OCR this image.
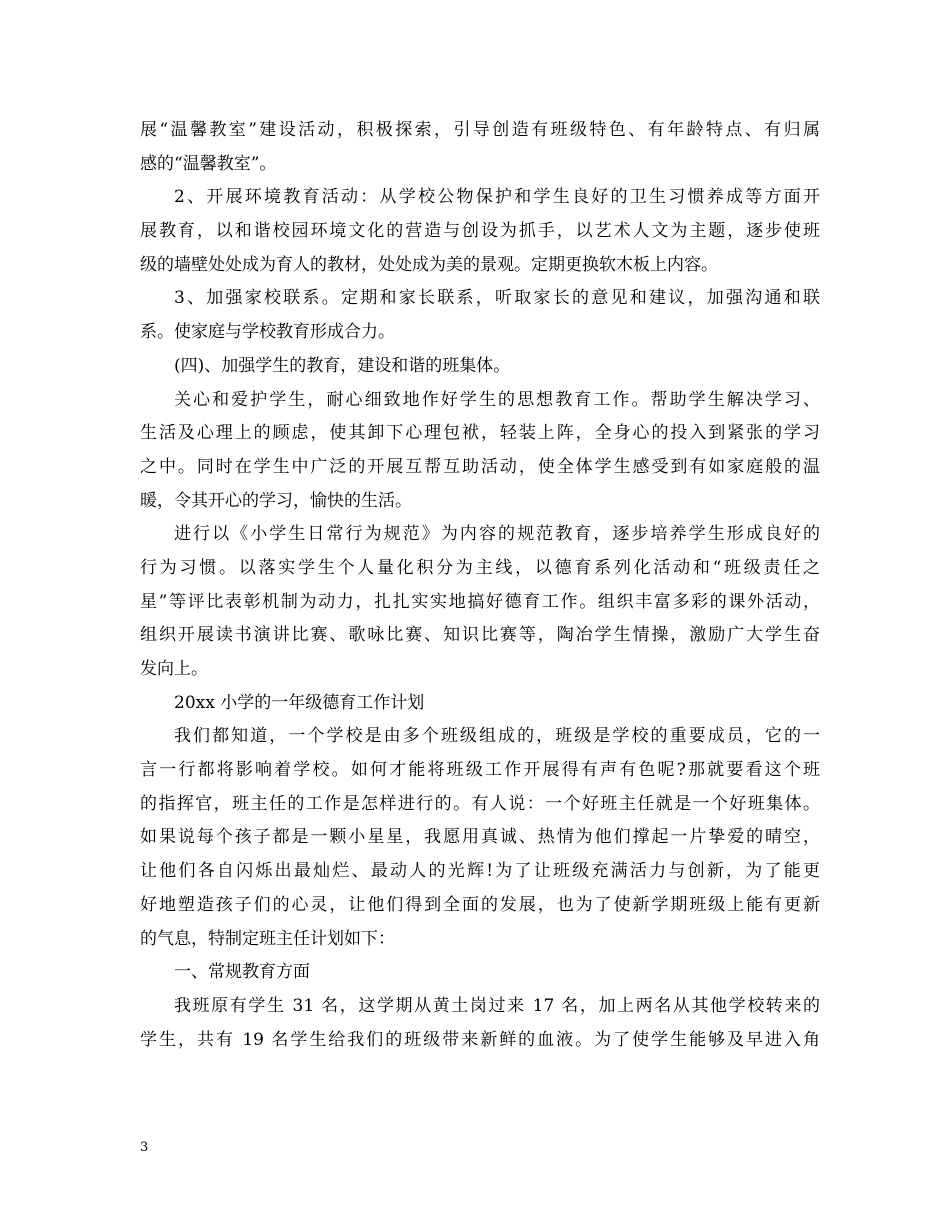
展“温馨教室”建设活动，积极探索，引导创造有班级特色、有年龄特点、有归属
感的“温馨教室”。
2、开展环境教育活动：从学校公物保护和学生良好的卫生习惯养成等方面开
展教育，以和谐校园环境文化的营造与创设为抓手，以艺术人文为主题，逐步使班
级的墙壁处处成为育人的教材，处处成为美的景观。定期更换软木板上内容。
3、加强家校联系。定期和家长联系，听取家长的意见和建议，加强沟通和联
系。使家庭与学校教育形成合力。
(四)、加强学生的教育，建设和谐的班集体。
关心和爱护学生，耐心细致地作好学生的思想教育工作。帮助学生解决学习、
生活及心理上的顾虑，使其卸下心理包袱，轻装上阵，全身心的投入到紧张的学习
之中。同时在学生中广泛的开展互帮互助活动，使全体学生感受到有如家庭般的温
暖，令其开心的学习，愉快的生活。
进行以《小学生日常行为规范》为内容的规范教育，逐步培养学生形成良好的
行为习惯。以落实学生个人量化积分为主线，以德育系列化活动和“班级责任之
星”等评比表彰机制为动力，扎扎实实地搞好德育工作。组织丰富多彩的课外活动，
组织开展读书演讲比赛、歌咏比赛、知识比赛等，陶冶学生情操，激励广大学生奋
发向上。
20xx 小学的一年级德育工作计划
我们都知道，一个学校是由多个班级组成的，班级是学校的重要成员，它的一
言一行都将影响着学校。如何才能将班级工作开展得有声有色呢?那就要看这个班
的指挥官，班主任的工作是怎样进行的。有人说：一个好班主任就是一个好班集体。
如果说每个孩子都是一颗小星星，我愿用真诚、热情为他们撑起一片挚爱的晴空，
让他们各自闪烁出最灿烂、最动人的光辉!为了让班级充满活力与创新，为了能更
好地塑造孩子们的心灵，让他们得到全面的发展，也为了使新学期班级上能有更新
的气息，特制定班主任计划如下：
一、常规教育方面
我班原有学生 31 名，这学期从黄土岗过来 17 名，加上两名从其他学校转来的
学生，共有 19 名学生给我们的班级带来新鲜的血液。为了使学生能够及早进入角
3
